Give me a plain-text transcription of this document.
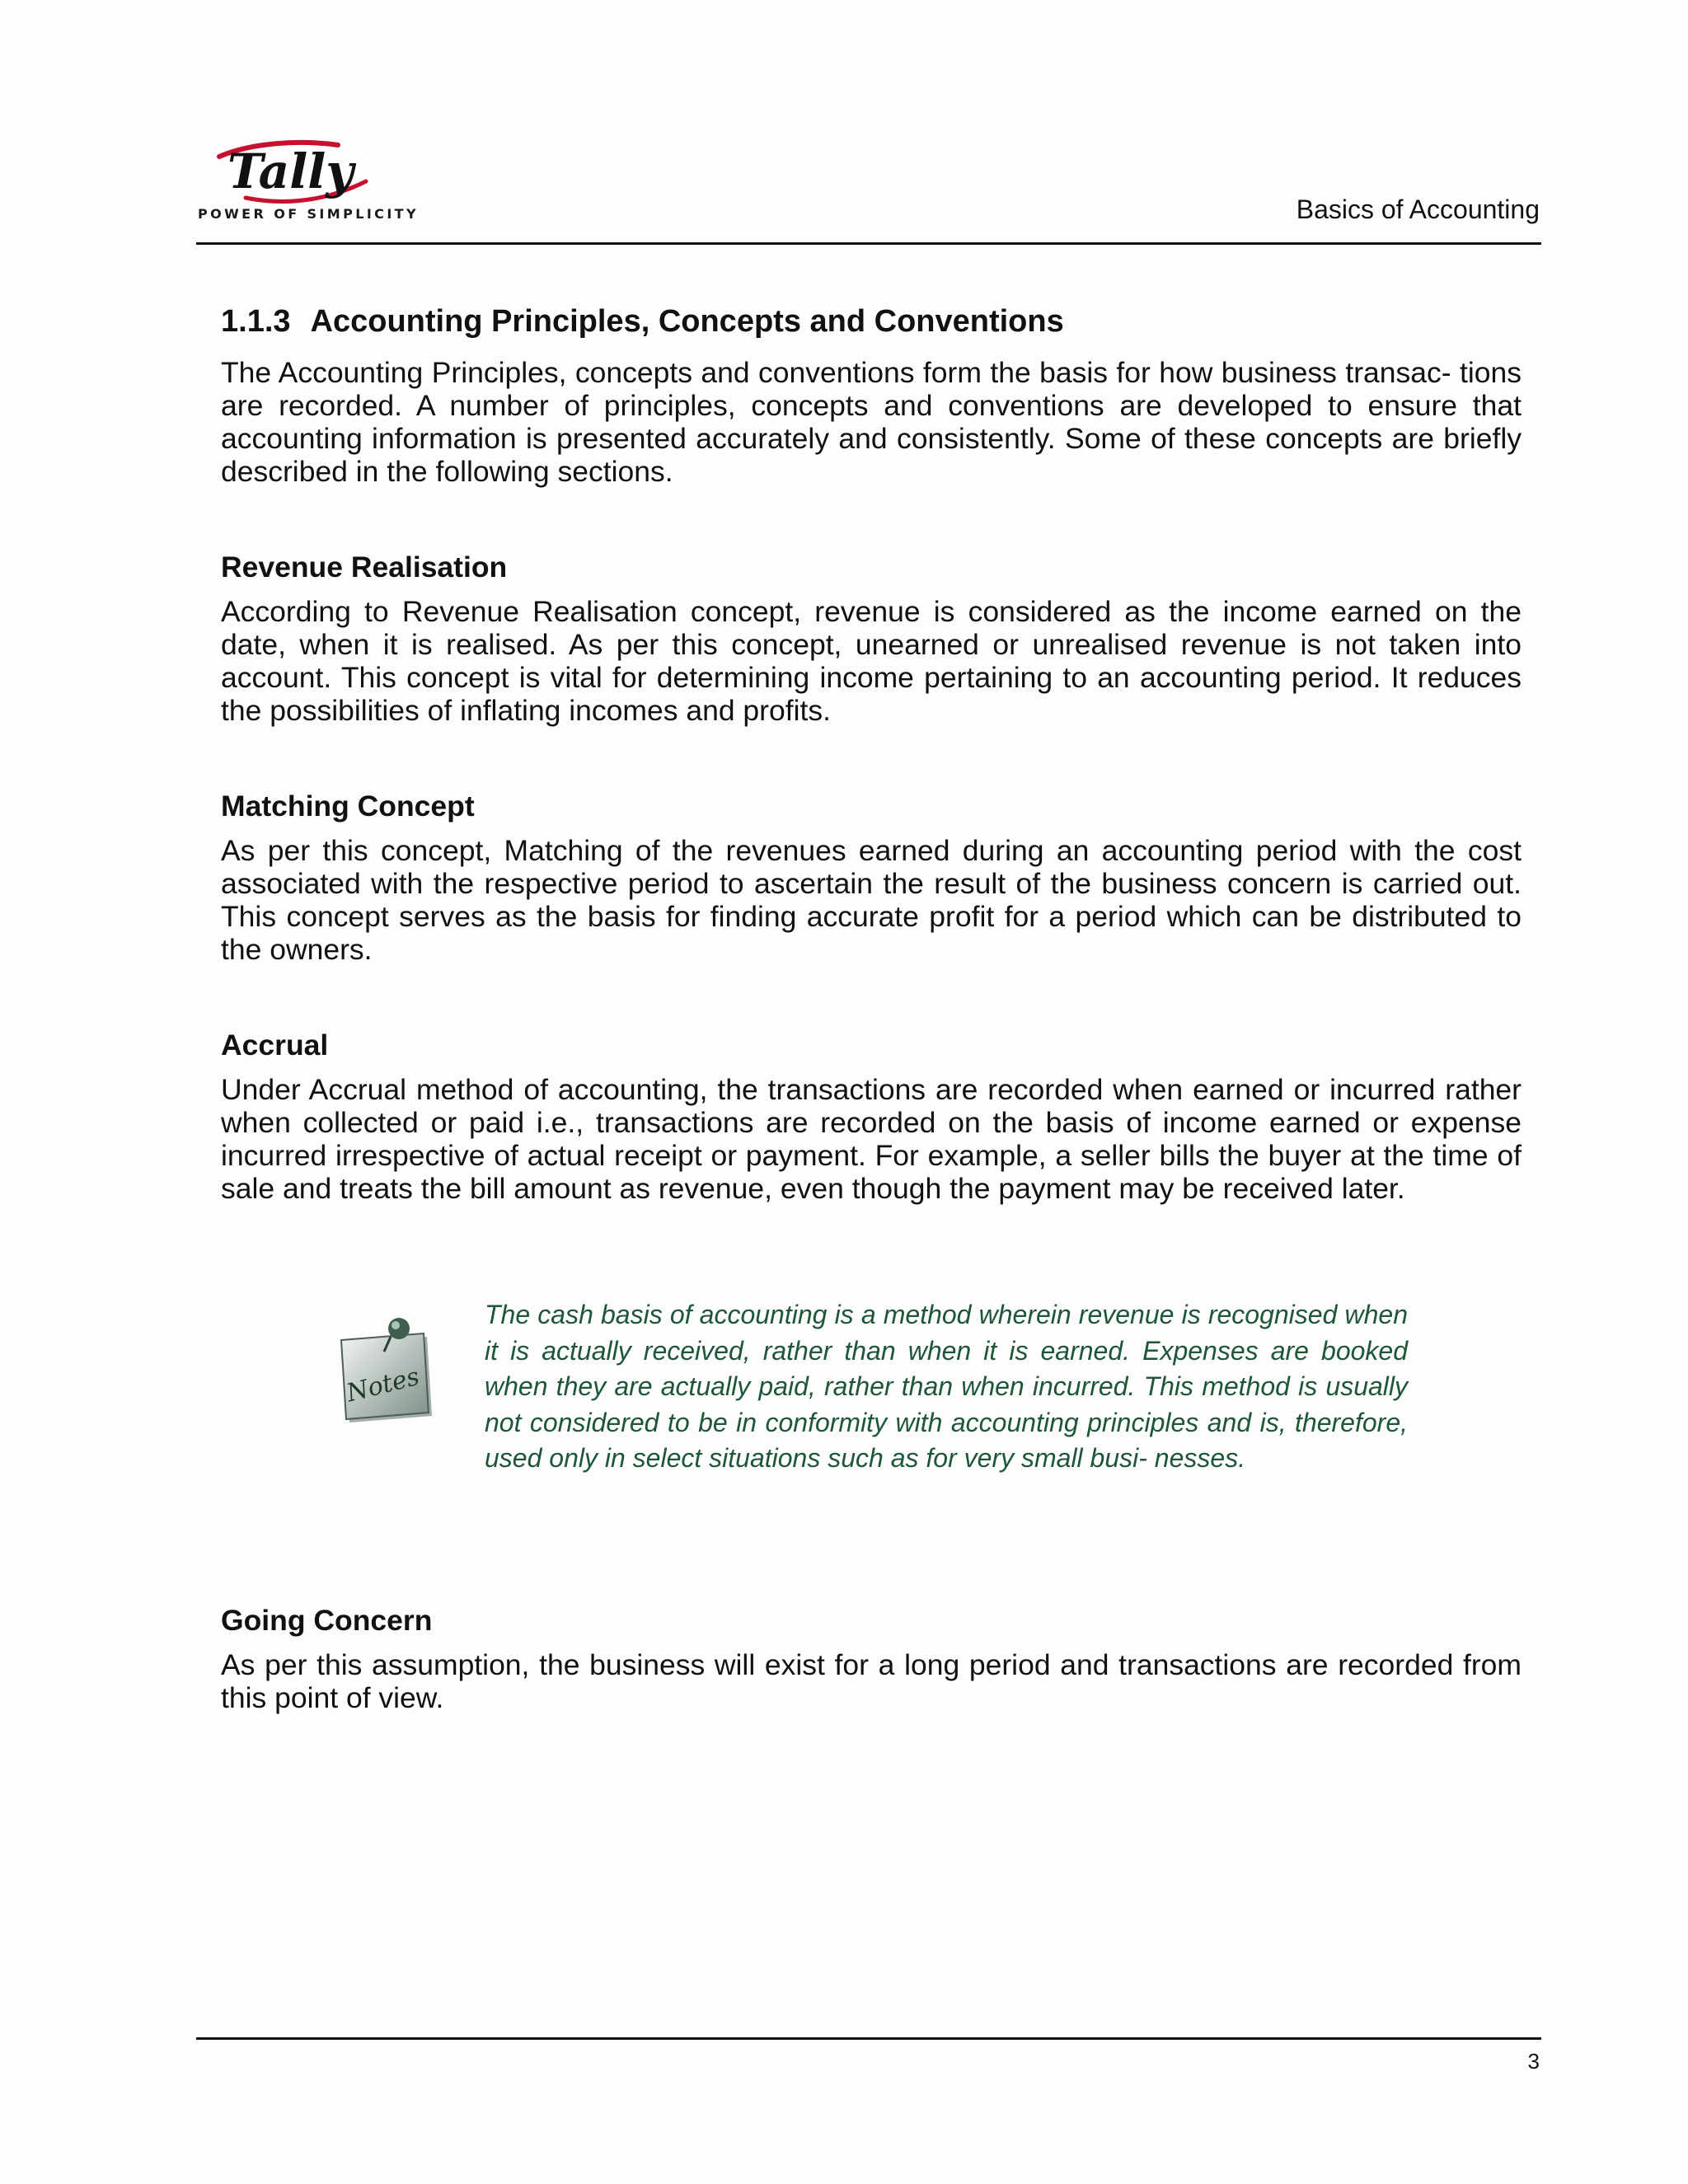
Tally
POWER OF SIMPLICITY	Basics of Accounting
1.1.3 Accounting Principles, Concepts and Conventions

The Accounting Principles, concepts and conventions form the basis for how business transac- tions are recorded. A number of principles, concepts and conventions are developed to ensure that accounting information is presented accurately and consistently. Some of these concepts are briefly described in the following sections.

Revenue Realisation

According to Revenue Realisation concept, revenue is considered as the income earned on the date, when it is realised. As per this concept, unearned or unrealised revenue is not taken into account. This concept is vital for determining income pertaining to an accounting period. It reduces the possibilities of inflating incomes and profits.

Matching Concept

As per this concept, Matching of the revenues earned during an accounting period with the cost associated with the respective period to ascertain the result of the business concern is carried out. This concept serves as the basis for finding accurate profit for a period which can be distributed to the owners.

Accrual

Under Accrual method of accounting, the transactions are recorded when earned or incurred rather when collected or paid i.e., transactions are recorded on the basis of income earned or expense incurred irrespective of actual receipt or payment. For example, a seller bills the buyer at the time of sale and treats the bill amount as revenue, even though the payment may be received later.

Notes
The cash basis of accounting is a method wherein revenue is recognised when it is actually received, rather than when it is earned. Expenses are booked when they are actually paid, rather than when incurred. This method is usually not considered to be in conformity with accounting principles and is, therefore, used only in select situations such as for very small busi- nesses.
Going Concern

As per this assumption, the business will exist for a long period and transactions are recorded from this point of view.

3
